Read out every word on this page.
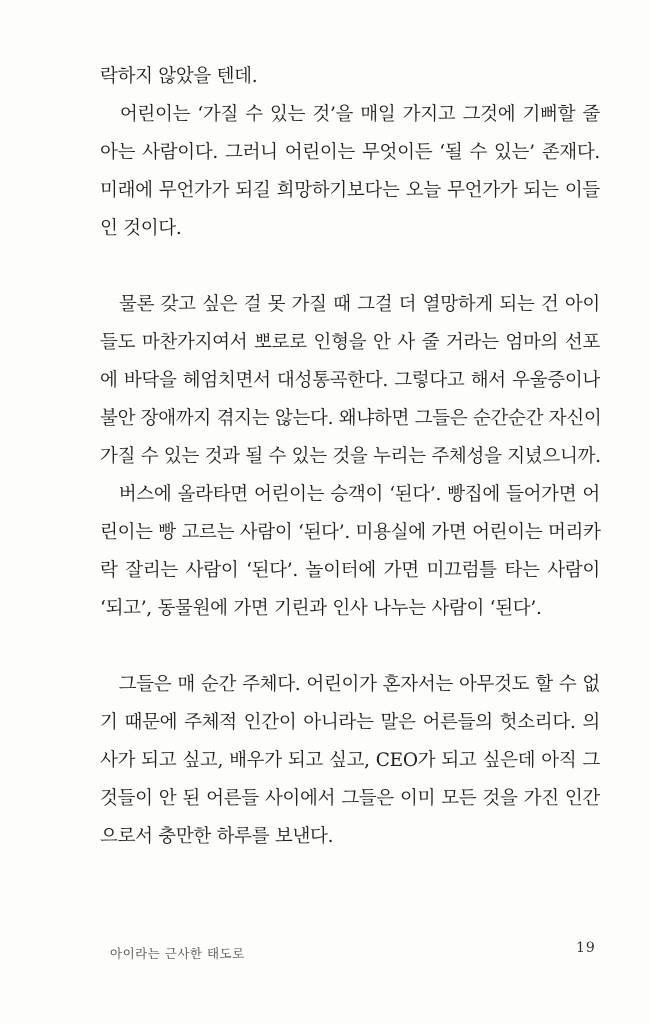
락하지 않았을 텐데.

　어린이는 ‘가질 수 있는 것’을 매일 가지고 그것에 기뻐할 줄
아는 사람이다. 그러니 어린이는 무엇이든 ‘될 수 있는’ 존재다.
미래에 무언가가 되길 희망하기보다는 오늘 무언가가 되는 이들
인 것이다.

　물론 갖고 싶은 걸 못 가질 때 그걸 더 열망하게 되는 건 아이
들도 마찬가지여서 뽀로로 인형을 안 사 줄 거라는 엄마의 선포
에 바닥을 헤엄치면서 대성통곡한다. 그렇다고 해서 우울증이나
불안 장애까지 겪지는 않는다. 왜냐하면 그들은 순간순간 자신이
가질 수 있는 것과 될 수 있는 것을 누리는 주체성을 지녔으니까.

　버스에 올라타면 어린이는 승객이 ‘된다’. 빵집에 들어가면 어
린이는 빵 고르는 사람이 ‘된다’. 미용실에 가면 어린이는 머리카
락 잘리는 사람이 ‘된다’. 놀이터에 가면 미끄럼틀 타는 사람이
‘되고’, 동물원에 가면 기린과 인사 나누는 사람이 ‘된다’.

　그들은 매 순간 주체다. 어린이가 혼자서는 아무것도 할 수 없
기 때문에 주체적 인간이 아니라는 말은 어른들의 헛소리다. 의
사가 되고 싶고, 배우가 되고 싶고, CEO가 되고 싶은데 아직 그
것들이 안 된 어른들 사이에서 그들은 이미 모든 것을 가진 인간
으로서 충만한 하루를 보낸다.

아이라는 근사한 태도로	19
